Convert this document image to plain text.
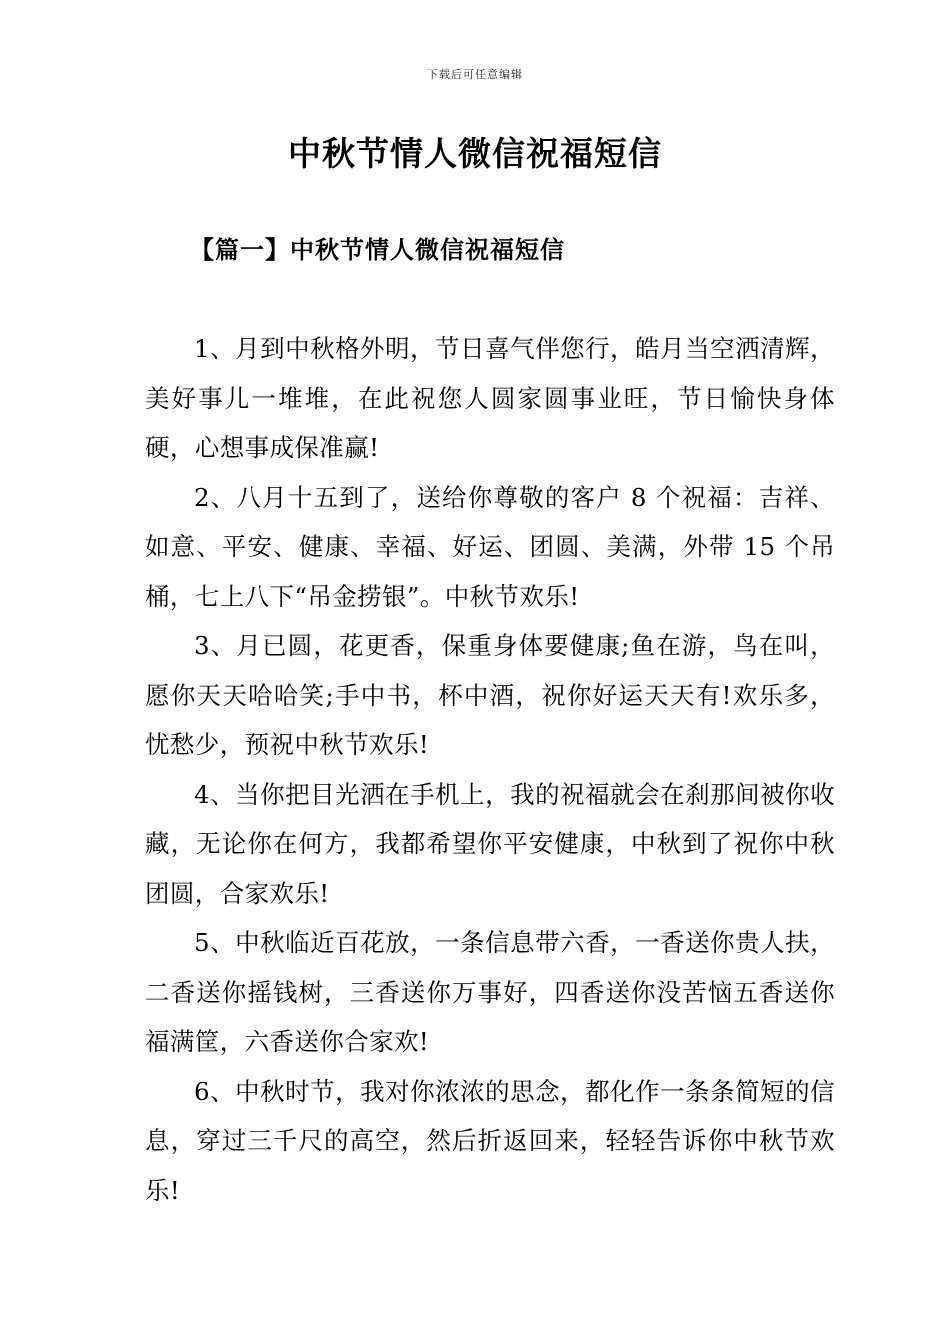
下载后可任意编辑
中秋节情人微信祝福短信
【篇一】中秋节情人微信祝福短信

1、月到中秋格外明，节日喜气伴您行，皓月当空洒清辉，美好事儿一堆堆，在此祝您人圆家圆事业旺，节日愉快身体硬，心想事成保准赢!

2、八月十五到了，送给你尊敬的客户 8 个祝福：吉祥、如意、平安、健康、幸福、好运、团圆、美满，外带 15 个吊桶，七上八下“吊金捞银”。中秋节欢乐!

3、月已圆，花更香，保重身体要健康;鱼在游，鸟在叫，愿你天天哈哈笑;手中书，杯中酒，祝你好运天天有!欢乐多，忧愁少，预祝中秋节欢乐!

4、当你把目光洒在手机上，我的祝福就会在刹那间被你收藏，无论你在何方，我都希望你平安健康，中秋到了祝你中秋团圆，合家欢乐!

5、中秋临近百花放，一条信息带六香，一香送你贵人扶，二香送你摇钱树，三香送你万事好，四香送你没苦恼五香送你福满筐，六香送你合家欢!

6、中秋时节，我对你浓浓的思念，都化作一条条简短的信息，穿过三千尺的高空，然后折返回来，轻轻告诉你中秋节欢乐!
